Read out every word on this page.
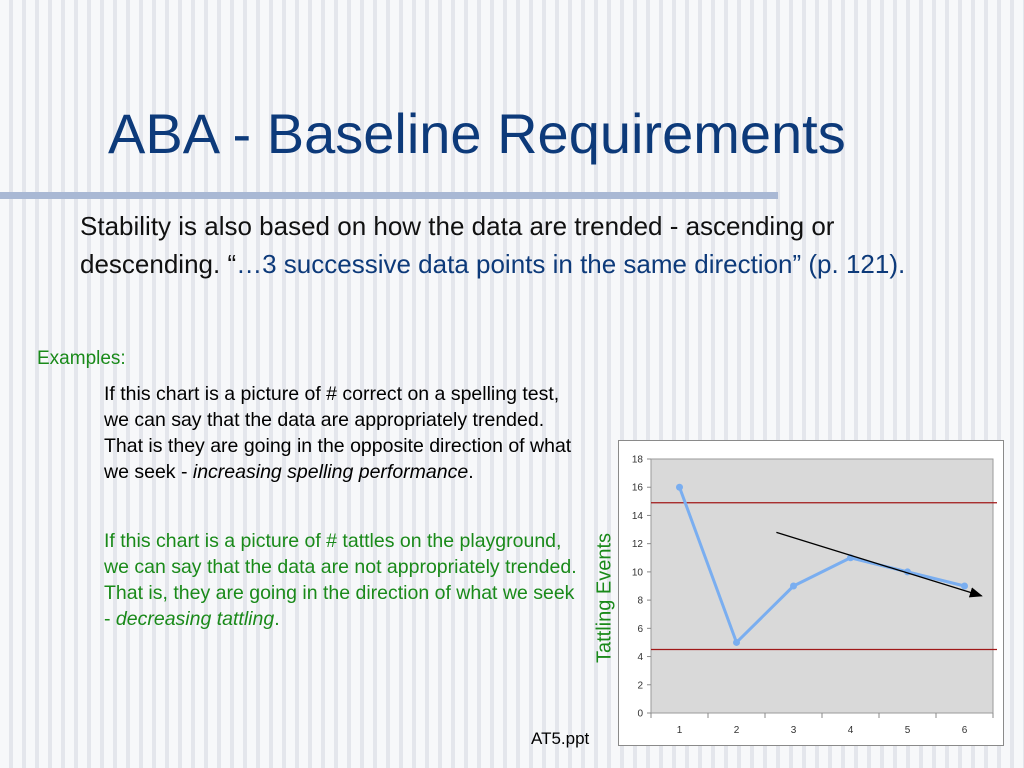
ABA - Baseline Requirements
Stability is also based on how the data are trended - ascending or descending. “…3 successive data points in the same direction” (p. 121).
Examples:

If this chart is a picture of # correct on a spelling test, we can say that the data are appropriately trended. That is they are going in the opposite direction of what we seek - increasing spelling performance.

If this chart is a picture of # tattles on the playground, we can say that the data are not appropriately trended. That is, they are going in the direction of what we seek - decreasing tattling.	Tattling Events
1	2	3	4	5	6
0
2
4
6
8
10
12
14
16
18
AT5.ppt
